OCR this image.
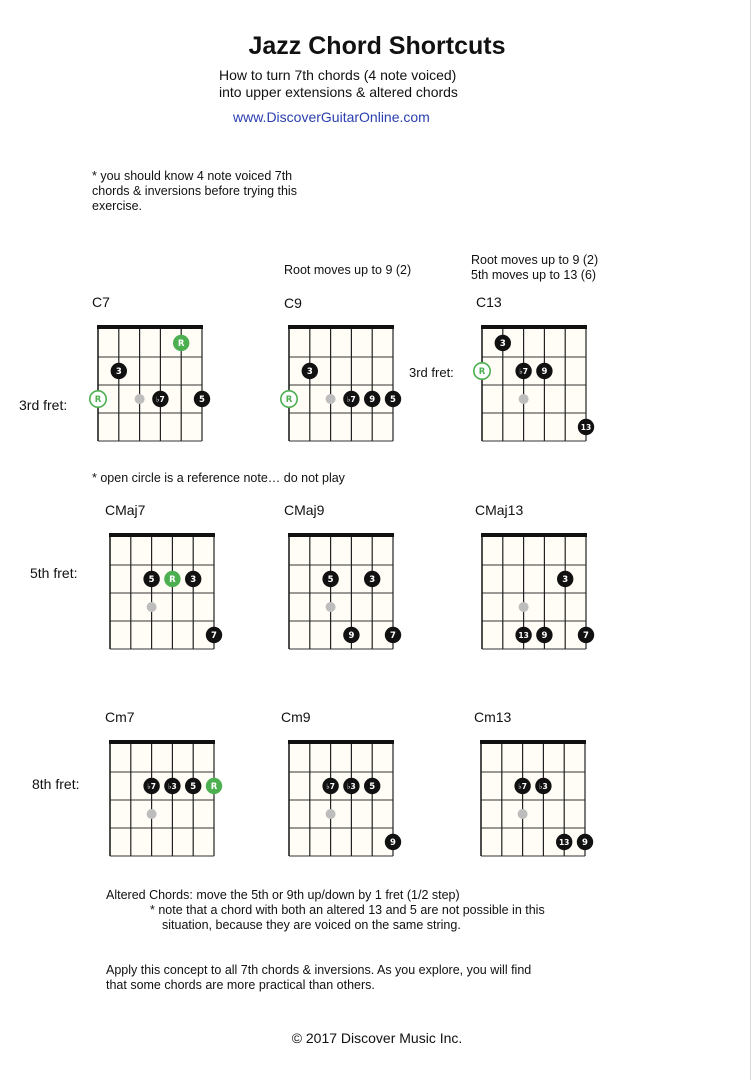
Jazz Chord Shortcuts
How to turn 7th chords (4 note voiced)
into upper extensions & altered chords
www.DiscoverGuitarOnline.com
* you should know 4 note voiced 7th
chords & inversions before trying this
exercise.
Root moves up to 9 (2)
Root moves up to 9 (2)
5th moves up to 13 (6)
C7	C9	C13
3rd fret:
3rd fret:
R
3
R	♭7	5
3
R	♭7 9 5
3
R	♭7 9
13
* open circle is a reference note… do not play
CMaj7	CMaj9	CMaj13
5th fret:	5 R 3
7
5	3
9	7
3
13 9	7
Cm7	Cm9	Cm13
8th fret:	♭7 ♭3 5 R	♭7 ♭3 5
9
♭7 ♭3
13 9
Altered Chords: move the 5th or 9th up/down by 1 fret (1/2 step)
* note that a chord with both an altered 13 and 5 are not possible in this
situation, because they are voiced on the same string.
Apply this concept to all 7th chords & inversions. As you explore, you will find
that some chords are more practical than others.
© 2017 Discover Music Inc.
